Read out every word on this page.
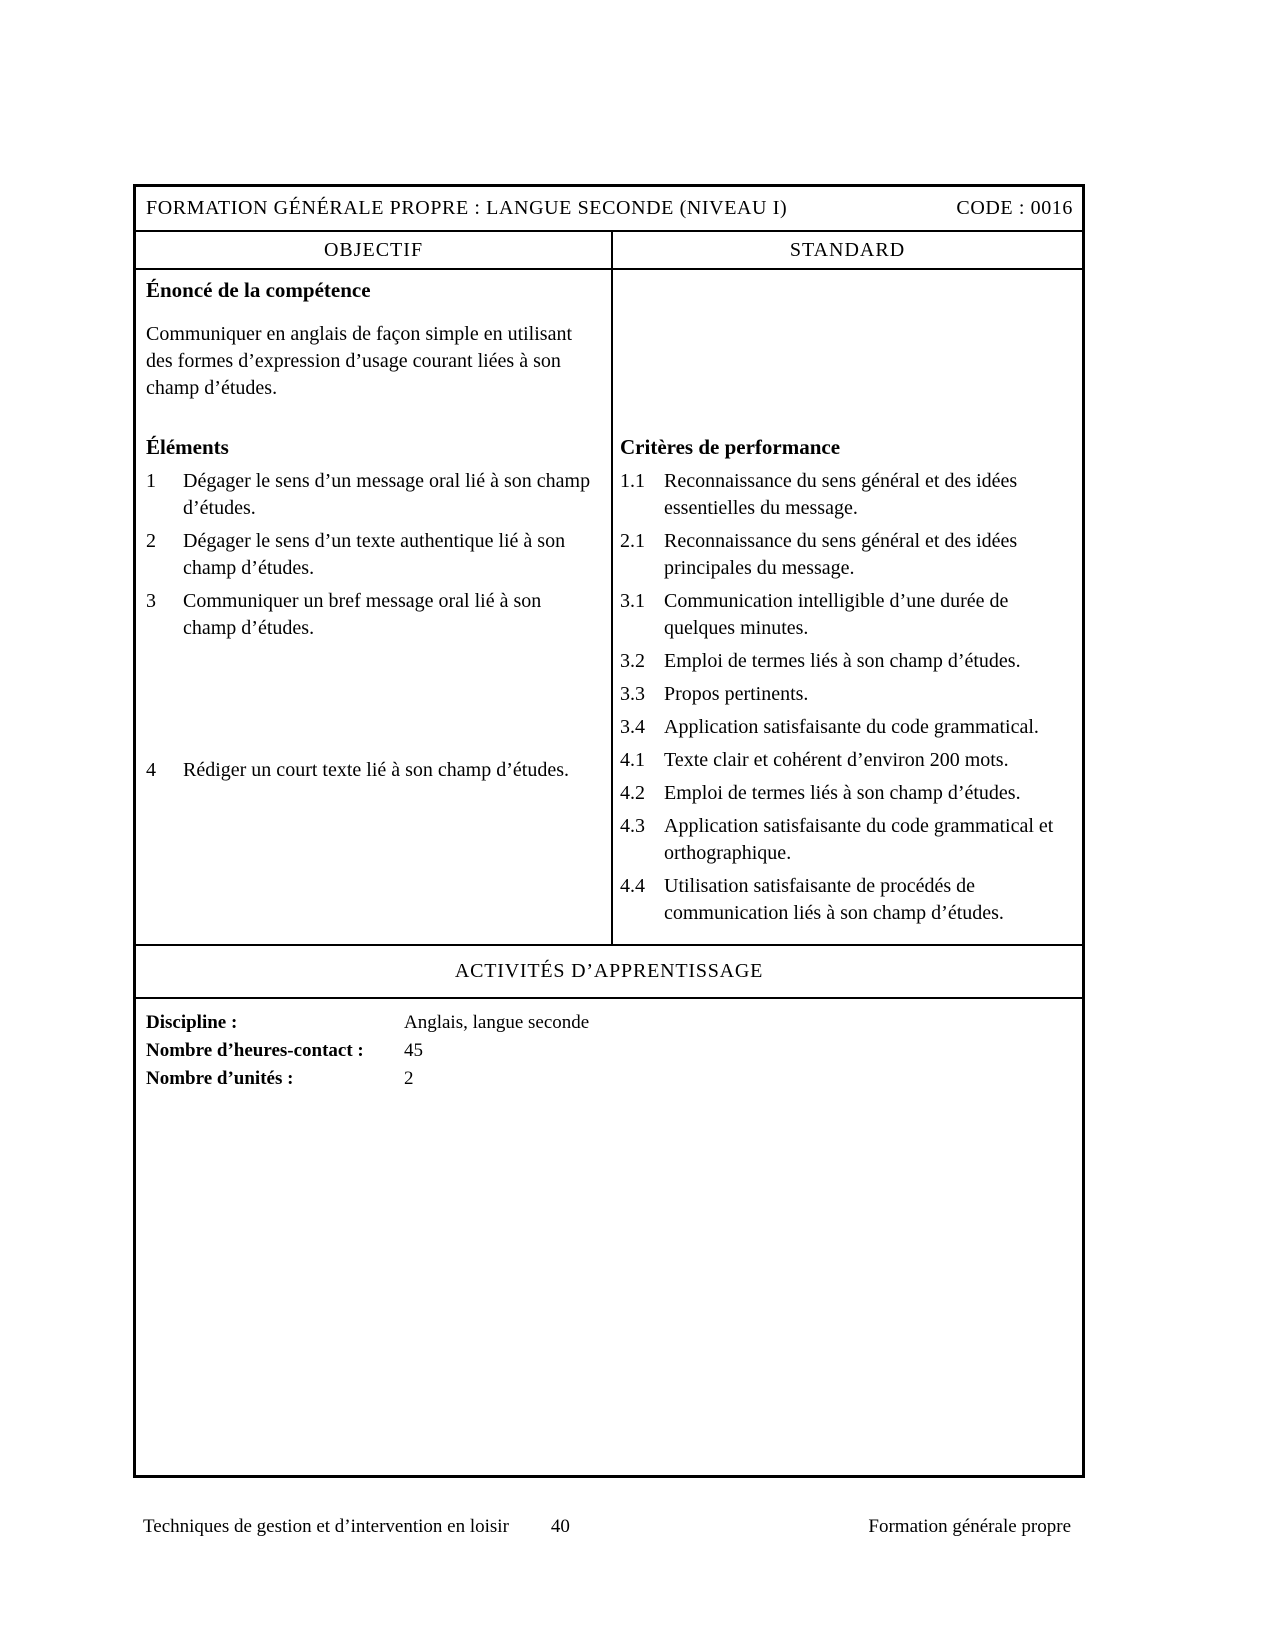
FORMATION GÉNÉRALE PROPRE : LANGUE SECONDE (NIVEAU I)	CODE : 0016
OBJECTIF	STANDARD
Énoncé de la compétence

Communiquer en anglais de façon simple en utilisant des formes d’expression d’usage courant liées à son champ d’études.

Éléments
1	Dégager le sens d’un message oral lié à son champ d’études.
2	Dégager le sens d’un texte authentique lié à son champ d’études.
3	Communiquer un bref message oral lié à son champ d’études.
4	Rédiger un court texte lié à son champ d’études.
Critères de performance
1.1 Reconnaissance du sens général et des idées essentielles du message.
2.1 Reconnaissance du sens général et des idées principales du message.
3.1 Communication intelligible d’une durée de quelques minutes.
3.2 Emploi de termes liés à son champ d’études.
3.3 Propos pertinents.
3.4 Application satisfaisante du code grammatical.
4.1 Texte clair et cohérent d’environ 200 mots.
4.2 Emploi de termes liés à son champ d’études.
4.3 Application satisfaisante du code grammatical et orthographique.
4.4 Utilisation satisfaisante de procédés de communication liés à son champ d’études.
ACTIVITÉS D’APPRENTISSAGE
Discipline :	Anglais, langue seconde
Nombre d’heures-contact :	45
Nombre d’unités :	2
Techniques de gestion et d’intervention en loisir 40	Formation générale propre
